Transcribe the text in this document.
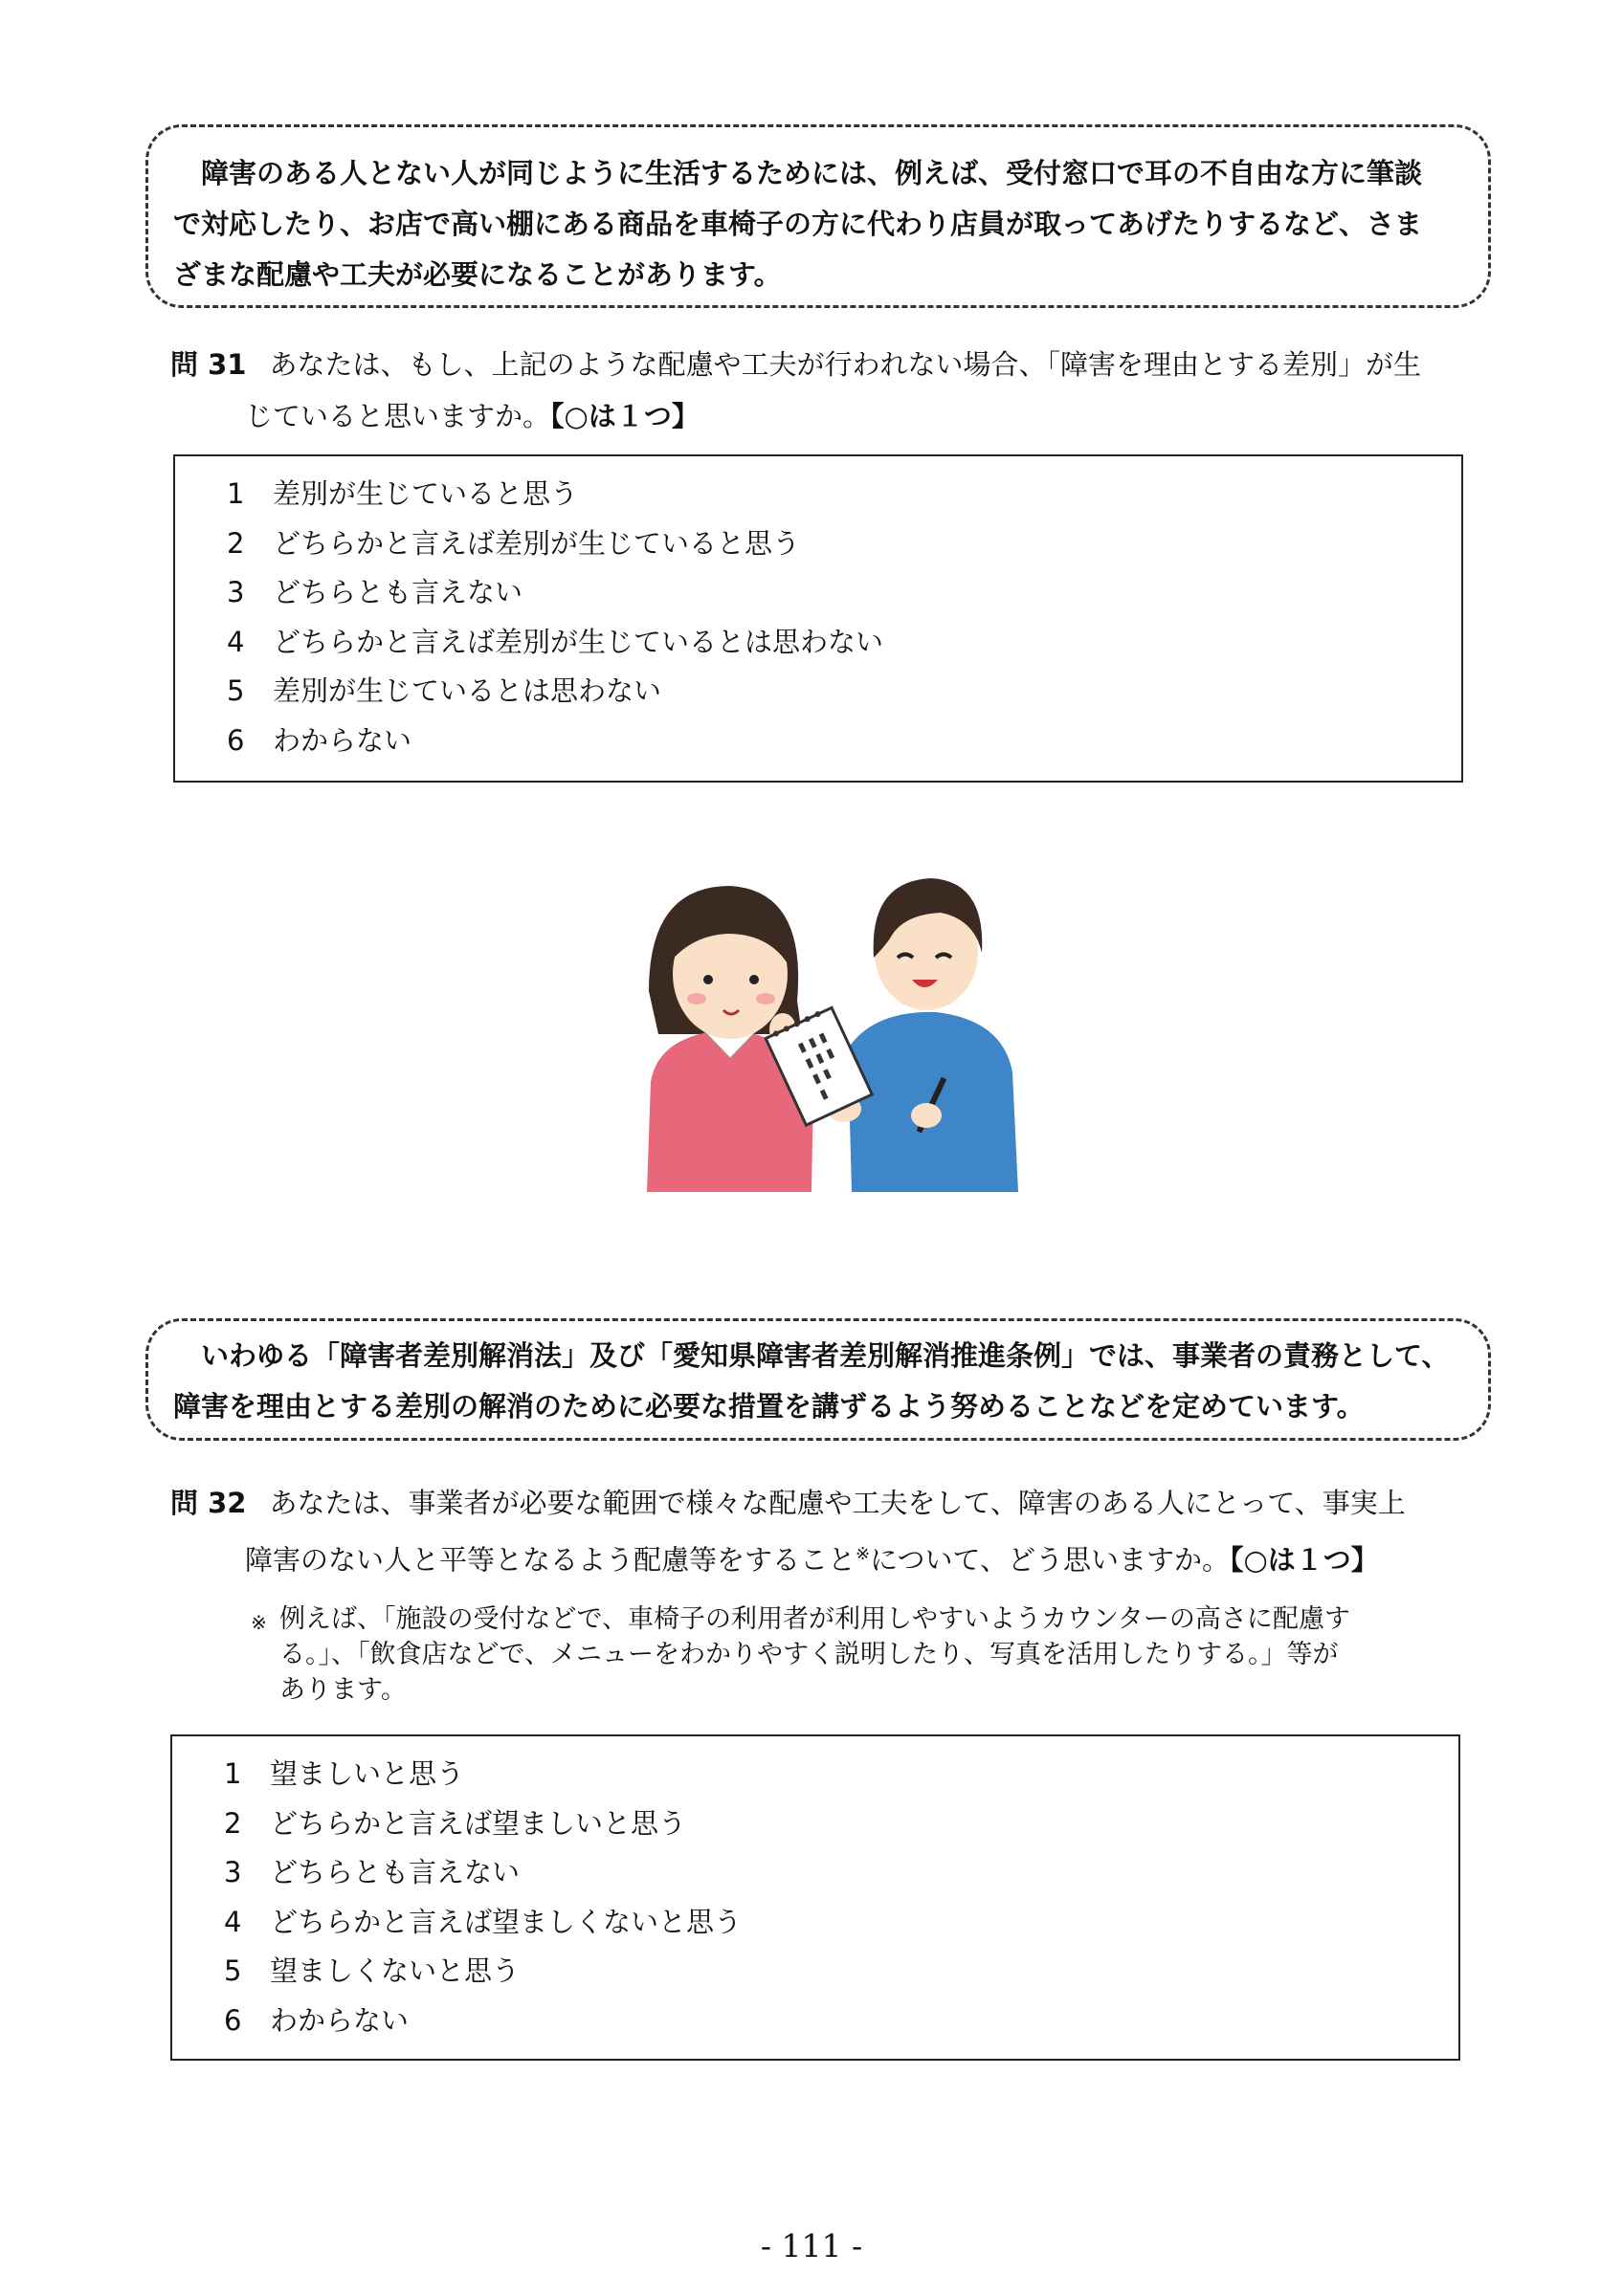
障害のある人とない人が同じように生活するためには、例えば、受付窓口で耳の不自由な方に筆談

で対応したり、お店で高い棚にある商品を車椅子の方に代わり店員が取ってあげたりするなど、さま

ざまな配慮や工夫が必要になることがあります。

問 31 あなたは、もし、上記のような配慮や工夫が行われない場合、「障害を理由とする差別」が生
じていると思いますか。【○は１つ】
1	差別が生じていると思う
2	どちらかと言えば差別が生じていると思う
3	どちらとも言えない
4	どちらかと言えば差別が生じているとは思わない
5	差別が生じているとは思わない
6	わからない

いわゆる「障害者差別解消法」及び「愛知県障害者差別解消推進条例」では、事業者の責務として、

障害を理由とする差別の解消のために必要な措置を講ずるよう努めることなどを定めています。

問 32 あなたは、事業者が必要な範囲で様々な配慮や工夫をして、障害のある人にとって、事実上
障害のない人と平等となるよう配慮等をすること※について、どう思いますか。【○は１つ】
※ 例えば、「施設の受付などで、車椅子の利用者が利用しやすいようカウンターの高さに配慮す

る。」、「飲食店などで、メニューをわかりやすく説明したり、写真を活用したりする。」等が

あります。

1	望ましいと思う
2	どちらかと言えば望ましいと思う
3	どちらとも言えない
4	どちらかと言えば望ましくないと思う
5	望ましくないと思う
6	わからない
- 111 -
